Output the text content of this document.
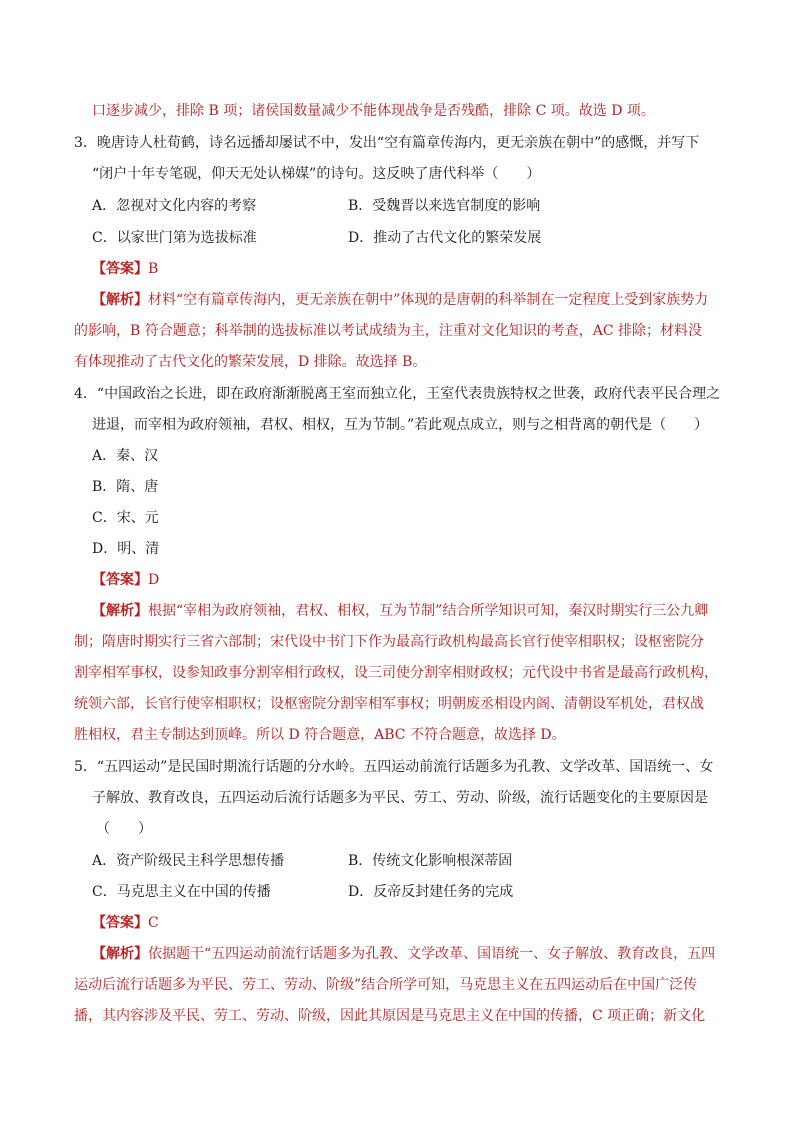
口逐步减少，排除 B 项；诸侯国数量减少不能体现战争是否残酷，排除 C 项。故选 D 项。
3．晚唐诗人杜荀鹤，诗名远播却屡试不中，发出“空有篇章传海内，更无亲族在朝中”的感慨，并写下
“闭户十年专笔砚，仰天无处认梯媒”的诗句。这反映了唐代科举（　　）
A．忽视对文化内容的考察	B．受魏晋以来选官制度的影响
C．以家世门第为选拔标准	D．推动了古代文化的繁荣发展
【答案】B
【解析】材料“空有篇章传海内，更无亲族在朝中”体现的是唐朝的科举制在一定程度上受到家族势力
的影响，B 符合题意；科举制的选拔标准以考试成绩为主，注重对文化知识的考查，AC 排除；材料没
有体现推动了古代文化的繁荣发展，D 排除。故选择 B。
4．“中国政治之长进，即在政府渐渐脱离王室而独立化，王室代表贵族特权之世袭，政府代表平民合理之
进退，而宰相为政府领袖，君权、相权，互为节制。”若此观点成立，则与之相背离的朝代是（　　）
A．秦、汉
B．隋、唐
C．宋、元
D．明、清
【答案】D
【解析】根据“宰相为政府领袖，君权、相权，互为节制”结合所学知识可知，秦汉时期实行三公九卿
制；隋唐时期实行三省六部制；宋代设中书门下作为最高行政机构最高长官行使宰相职权；设枢密院分
割宰相军事权，设参知政事分割宰相行政权，设三司使分割宰相财政权；元代设中书省是最高行政机构，
统领六部，长官行使宰相职权；设枢密院分割宰相军事权；明朝废丞相设内阁、清朝设军机处，君权战
胜相权，君主专制达到顶峰。所以 D 符合题意，ABC 不符合题意，故选择 D。
5．“五四运动”是民国时期流行话题的分水岭。五四运动前流行话题多为孔教、文学改革、国语统一、女
子解放、教育改良，五四运动后流行话题多为平民、劳工、劳动、阶级，流行话题变化的主要原因是
（　　）
A．资产阶级民主科学思想传播	B．传统文化影响根深蒂固
C．马克思主义在中国的传播	D．反帝反封建任务的完成
【答案】C
【解析】依据题干“五四运动前流行话题多为孔教、文学改革、国语统一、女子解放、教育改良，五四
运动后流行话题多为平民、劳工、劳动、阶级”结合所学可知，马克思主义在五四运动后在中国广泛传
播，其内容涉及平民、劳工、劳动、阶级，因此其原因是马克思主义在中国的传播，C 项正确；新文化
